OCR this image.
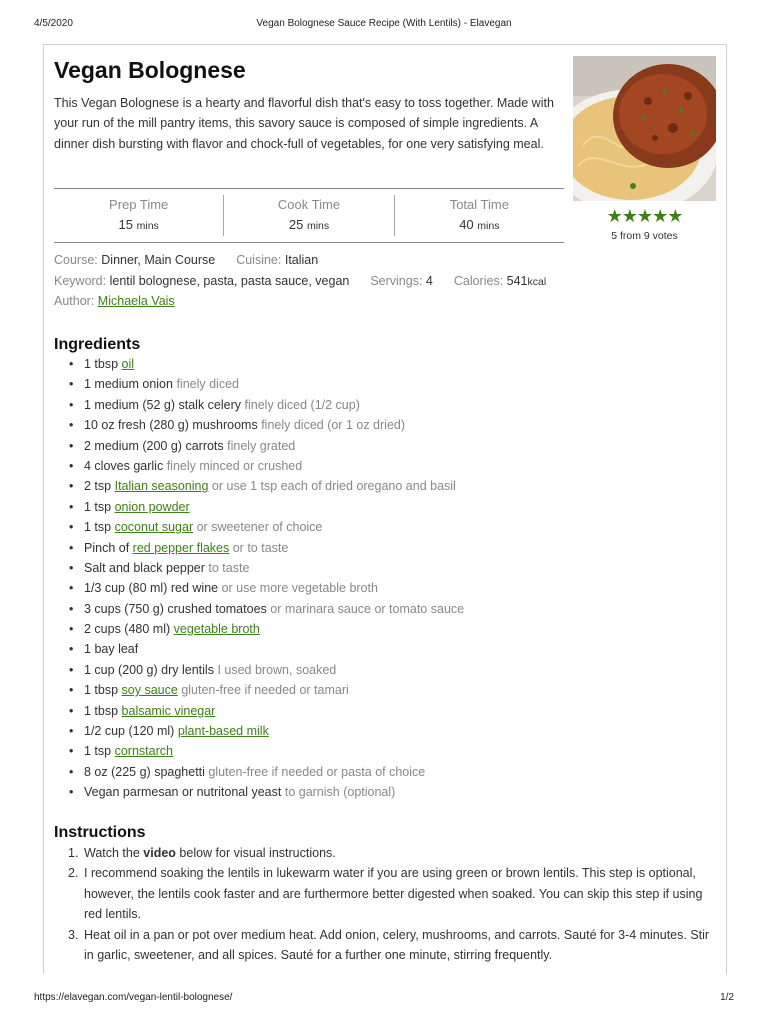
4/5/2020	Vegan Bolognese Sauce Recipe (With Lentils) - Elavegan
Vegan Bolognese

This Vegan Bolognese is a hearty and flavorful dish that's easy to toss together. Made with your run of the mill pantry items, this savory sauce is composed of simple ingredients. A dinner dish bursting with flavor and chock-full of vegetables, for one very satisfying meal.

★★★★★
5 from 9 votes
Prep Time
15 mins
Cook Time
25 mins
Total Time
40 mins
Course: Dinner, Main Course Cuisine: Italian
Keyword: lentil bolognese, pasta, pasta sauce, vegan Servings: 4 Calories: 541kcal
Author: Michaela Vais
Ingredients
• 1 tbsp oil
• 1 medium onion finely diced
• 1 medium (52 g) stalk celery finely diced (1/2 cup)
• 10 oz fresh (280 g) mushrooms finely diced (or 1 oz dried)
• 2 medium (200 g) carrots finely grated
• 4 cloves garlic finely minced or crushed
• 2 tsp Italian seasoning or use 1 tsp each of dried oregano and basil
• 1 tsp onion powder
• 1 tsp coconut sugar or sweetener of choice
• Pinch of red pepper flakes or to taste
• Salt and black pepper to taste
• 1/3 cup (80 ml) red wine or use more vegetable broth
• 3 cups (750 g) crushed tomatoes or marinara sauce or tomato sauce
• 2 cups (480 ml) vegetable broth
• 1 bay leaf
• 1 cup (200 g) dry lentils I used brown, soaked
• 1 tbsp soy sauce gluten-free if needed or tamari
• 1 tbsp balsamic vinegar
• 1/2 cup (120 ml) plant-based milk
• 1 tsp cornstarch
• 8 oz (225 g) spaghetti gluten-free if needed or pasta of choice
• Vegan parmesan or nutritonal yeast to garnish (optional)
Instructions
1. Watch the video below for visual instructions.
2. I recommend soaking the lentils in lukewarm water if you are using green or brown lentils. This step is optional, however, the lentils cook faster and are furthermore better digested when soaked. You can skip this step if using red lentils.
3. Heat oil in a pan or pot over medium heat. Add onion, celery, mushrooms, and carrots. Sauté for 3-4 minutes. Stir in garlic, sweetener, and all spices. Sauté for a further one minute, stirring frequently.
https://elavegan.com/vegan-lentil-bolognese/	1/2
